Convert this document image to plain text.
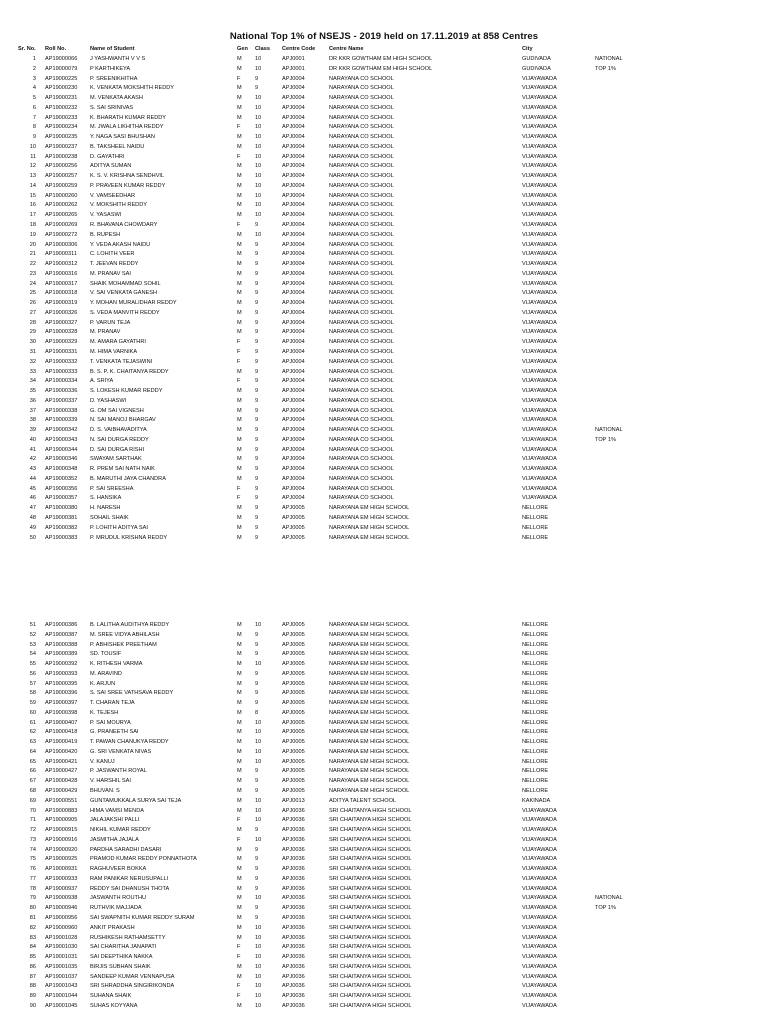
National Top 1% of NSEJS - 2019 held on 17.11.2019 at 858 Centres
Sr. No.	Roll No.	Name of Student	Gen Class Centre Code Centre Name	City
1 AP19000066 J YASHWANTH V V S	M 10	APJ0001	DR KKR GOWTHAM EM HIGH SCHOOL	GUDIVADA	NATIONAL
2 AP19000079 P KARTHIKEYA	M 10	APJ0001	DR KKR GOWTHAM EM HIGH SCHOOL	GUDIVADA	TOP 1%
3 AP19000225 P. SREENIKHITHA	F	9	APJ0004	NARAYANA CO SCHOOL	VIJAYAWADA
4 AP19000230 K. VENKATA MOKSHITH REDDY	M 9	APJ0004	NARAYANA CO SCHOOL	VIJAYAWADA
5 AP19000231 M. VENKATA AKASH	M 10	APJ0004	NARAYANA CO SCHOOL	VIJAYAWADA
6 AP19000232 S. SAI SRINIVAS	M 10	APJ0004	NARAYANA CO SCHOOL	VIJAYAWADA
7 AP19000233 K. BHARATH KUMAR REDDY	M 10	APJ0004	NARAYANA CO SCHOOL	VIJAYAWADA
8 AP19000234 M. JWALA LIKHITHA REDDY	F	10	APJ0004	NARAYANA CO SCHOOL	VIJAYAWADA
9 AP19000235 Y. NAGA SASI BHUSHAN	M 10	APJ0004	NARAYANA CO SCHOOL	VIJAYAWADA
10 AP19000237 B. TAKSHEEL NAIDU	M 10	APJ0004	NARAYANA CO SCHOOL	VIJAYAWADA
11 AP19000238 D. GAYATHRI	F	10	APJ0004	NARAYANA CO SCHOOL	VIJAYAWADA
12 AP19000256 ADITYA SUMAN	M 10	APJ0004	NARAYANA CO SCHOOL	VIJAYAWADA
13 AP19000257 K. S. V. KRISHNA SENDHVIL	M 10	APJ0004	NARAYANA CO SCHOOL	VIJAYAWADA
14 AP19000259 P. PRAVEEN KUMAR REDDY	M 10	APJ0004	NARAYANA CO SCHOOL	VIJAYAWADA
15 AP19000260 V. VAMSEEDHAR	M 10	APJ0004	NARAYANA CO SCHOOL	VIJAYAWADA
16 AP19000262 V. MOKSHITH REDDY	M 10	APJ0004	NARAYANA CO SCHOOL	VIJAYAWADA
17 AP19000265 V. YASASWI	M 10	APJ0004	NARAYANA CO SCHOOL	VIJAYAWADA
18 AP19000269 R. BHAVANA CHOWDARY	F	9	APJ0004	NARAYANA CO SCHOOL	VIJAYAWADA
19 AP19000272 B. RUPESH	M 10	APJ0004	NARAYANA CO SCHOOL	VIJAYAWADA
20 AP19000306 Y. VEDA AKASH NAIDU	M 9	APJ0004	NARAYANA CO SCHOOL	VIJAYAWADA
21 AP19000311 C. LOHITH VEER	M 9	APJ0004	NARAYANA CO SCHOOL	VIJAYAWADA
22 AP19000312 T. JEEVAN REDDY	M 9	APJ0004	NARAYANA CO SCHOOL	VIJAYAWADA
23 AP19000316 M. PRANAV SAI	M 9	APJ0004	NARAYANA CO SCHOOL	VIJAYAWADA
24 AP19000317 SHAIK MOHAMMAD SOHIL	M 9	APJ0004	NARAYANA CO SCHOOL	VIJAYAWADA
25 AP19000318 V. SAI VENKATA GANESH	M 9	APJ0004	NARAYANA CO SCHOOL	VIJAYAWADA
26 AP19000319 Y. MOHAN MURALIDHAR REDDY	M 9	APJ0004	NARAYANA CO SCHOOL	VIJAYAWADA
27 AP19000326 S. VEDA MANVITH REDDY	M 9	APJ0004	NARAYANA CO SCHOOL	VIJAYAWADA
28 AP19000327 P. VARUN TEJA	M 9	APJ0004	NARAYANA CO SCHOOL	VIJAYAWADA
29 AP19000328 M. PRANAV	M 9	APJ0004	NARAYANA CO SCHOOL	VIJAYAWADA
30 AP19000329 M. AMARA GAYATHRI	F	9	APJ0004	NARAYANA CO SCHOOL	VIJAYAWADA
31 AP19000331 M. HIMA VARNIKA	F	9	APJ0004	NARAYANA CO SCHOOL	VIJAYAWADA
32 AP19000332 T. VENKATA TEJASWINI	F	9	APJ0004	NARAYANA CO SCHOOL	VIJAYAWADA
33 AP19000333 B. S. P. K. CHAITANYA REDDY	M 9	APJ0004	NARAYANA CO SCHOOL	VIJAYAWADA
34 AP19000334 A. SRIYA	F	9	APJ0004	NARAYANA CO SCHOOL	VIJAYAWADA
35 AP19000336 S. LOKESH KUMAR REDDY	M 9	APJ0004	NARAYANA CO SCHOOL	VIJAYAWADA
36 AP19000337 D. YASHASWI	M 9	APJ0004	NARAYANA CO SCHOOL	VIJAYAWADA
37 AP19000338 G. OM SAI VIGNESH	M 9	APJ0004	NARAYANA CO SCHOOL	VIJAYAWADA
38 AP19000339 N. SAI MANOJ BHARGAV	M 9	APJ0004	NARAYANA CO SCHOOL	VIJAYAWADA
39 AP19000342 D. S. VAIBHAVADITYA	M 9	APJ0004	NARAYANA CO SCHOOL	VIJAYAWADA	NATIONAL
40 AP19000343 N. SAI DURGA REDDY	M 9	APJ0004	NARAYANA CO SCHOOL	VIJAYAWADA	TOP 1%
41 AP19000344 D. SAI DURGA RISHI	M 9	APJ0004	NARAYANA CO SCHOOL	VIJAYAWADA
42 AP19000346 SWAYAM SARTHAK	M 9	APJ0004	NARAYANA CO SCHOOL	VIJAYAWADA
43 AP19000348 R. PREM SAI NATH NAIK	M 9	APJ0004	NARAYANA CO SCHOOL	VIJAYAWADA
44 AP19000352 B. MARUTHI JAYA CHANDRA	M 9	APJ0004	NARAYANA CO SCHOOL	VIJAYAWADA
45 AP19000356 P. SAI SREESHA	F	9	APJ0004	NARAYANA CO SCHOOL	VIJAYAWADA
46 AP19000357 S. HANSIKA	F	9	APJ0004	NARAYANA CO SCHOOL	VIJAYAWADA
47 AP19000380 H. NARESH	M 9	APJ0005	NARAYANA EM HIGH SCHOOL	NELLORE
48 AP19000381 SOHAIL SHAIK	M 9	APJ0005	NARAYANA EM HIGH SCHOOL	NELLORE
49 AP19000382 P. LOHITH ADITYA SAI	M 9	APJ0005	NARAYANA EM HIGH SCHOOL	NELLORE
50 AP19000383 P. MRUDUL KRISHNA REDDY	M 9	APJ0005	NARAYANA EM HIGH SCHOOL	NELLORE
51 AP19000386 B. LALITHA AUDITHYA REDDY	M 10	APJ0005	NARAYANA EM HIGH SCHOOL	NELLORE
52 AP19000387 M. SREE VIDYA ABHILASH	M 9	APJ0005	NARAYANA EM HIGH SCHOOL	NELLORE
53 AP19000388 P. ABHISHEK PREETHAM	M 9	APJ0005	NARAYANA EM HIGH SCHOOL	NELLORE
54 AP19000389 SD. TOUSIF	M 9	APJ0005	NARAYANA EM HIGH SCHOOL	NELLORE
55 AP19000392 K. RITHESH VARMA	M 10	APJ0005	NARAYANA EM HIGH SCHOOL	NELLORE
56 AP19000393 M. ARAVIND	M 9	APJ0005	NARAYANA EM HIGH SCHOOL	NELLORE
57 AP19000395 K. ARJUN	M 9	APJ0005	NARAYANA EM HIGH SCHOOL	NELLORE
58 AP19000396 S. SAI SREE VATHSAVA REDDY	M 9	APJ0005	NARAYANA EM HIGH SCHOOL	NELLORE
59 AP19000397 T. CHARAN TEJA	M 9	APJ0005	NARAYANA EM HIGH SCHOOL	NELLORE
60 AP19000398 K. TEJESH	M 8	APJ0005	NARAYANA EM HIGH SCHOOL	NELLORE
61 AP19000407 P. SAI MOURYA	M 10	APJ0005	NARAYANA EM HIGH SCHOOL	NELLORE
62 AP19000418 G. PRANEETH SAI	M 10	APJ0005	NARAYANA EM HIGH SCHOOL	NELLORE
63 AP19000419 T. PAWAN CHANUKYA REDDY	M 10	APJ0005	NARAYANA EM HIGH SCHOOL	NELLORE
64 AP19000420 G. SRI VENKATA NIVAS	M 10	APJ0005	NARAYANA EM HIGH SCHOOL	NELLORE
65 AP19000421 V. KANUJ	M 10	APJ0005	NARAYANA EM HIGH SCHOOL	NELLORE
66 AP19000427 P. JASWANTH ROYAL	M 9	APJ0005	NARAYANA EM HIGH SCHOOL	NELLORE
67 AP19000428 V. HARSHIL SAI	M 9	APJ0005	NARAYANA EM HIGH SCHOOL	NELLORE
68 AP19000429 BHUVAN. S	M 9	APJ0005	NARAYANA EM HIGH SCHOOL	NELLORE
69 AP19000551 GUNTAMUKKALA SURYA SAI TEJA	M 10	APJ0013	ADITYA TALENT SCHOOL	KAKINADA
70 AP19000883 HIMA VAMSI MENDA	M 10	APJ0036	SRI CHAITANYA HIGH SCHOOL	VIJAYAWADA
71 AP19000905 JALAJAKSHI PALLI	F	10	APJ0036	SRI CHAITANYA HIGH SCHOOL	VIJAYAWADA
72 AP19000915 NIKHIL KUMAR REDDY	M 9	APJ0036	SRI CHAITANYA HIGH SCHOOL	VIJAYAWADA
73 AP19000916 JASMITHA JAJALA	F	10	APJ0036	SRI CHAITANYA HIGH SCHOOL	VIJAYAWADA
74 AP19000920 PARDHA SARADHI DASARI	M 9	APJ0036	SRI CHAITANYA HIGH SCHOOL	VIJAYAWADA
75 AP19000925 PRAMOD KUMAR REDDY PONNATHOTA	M 9	APJ0036	SRI CHAITANYA HIGH SCHOOL	VIJAYAWADA
76 AP19000931 RAGHUVEER BOKKA	M 9	APJ0036	SRI CHAITANYA HIGH SCHOOL	VIJAYAWADA
77 AP19000933 RAM PANIKAR NERUSUPALLI	M 9	APJ0036	SRI CHAITANYA HIGH SCHOOL	VIJAYAWADA
78 AP19000937 REDDY SAI DHANUSH THOTA	M 9	APJ0036	SRI CHAITANYA HIGH SCHOOL	VIJAYAWADA
79 AP19000938 JASWANTH ROUTHU	M 10	APJ0036	SRI CHAITANYA HIGH SCHOOL	VIJAYAWADA	NATIONAL
80 AP19000946 RUTHVIK MAJJADA	M 9	APJ0036	SRI CHAITANYA HIGH SCHOOL	VIJAYAWADA	TOP 1%
81 AP19000956 SAI SWAPNITH KUMAR REDDY SURAM	M 9	APJ0036	SRI CHAITANYA HIGH SCHOOL	VIJAYAWADA
82 AP19000960 ANKIT PRAKASH	M 10	APJ0036	SRI CHAITANYA HIGH SCHOOL	VIJAYAWADA
83 AP19001028 RUSHIKESH RATHAMSETTY	M 10	APJ0036	SRI CHAITANYA HIGH SCHOOL	VIJAYAWADA
84 AP19001030 SAI CHARITHA JANAPATI	F	10	APJ0036	SRI CHAITANYA HIGH SCHOOL	VIJAYAWADA
85 AP19001031 SAI DEEPTHIKA NAKKA	F	10	APJ0036	SRI CHAITANYA HIGH SCHOOL	VIJAYAWADA
86 AP19001035 BIRJIS SUBHAN SHAIK	M 10	APJ0036	SRI CHAITANYA HIGH SCHOOL	VIJAYAWADA
87 AP19001037 SANDEEP KUMAR VENNAPUSA	M 10	APJ0036	SRI CHAITANYA HIGH SCHOOL	VIJAYAWADA
88 AP19001043 SRI SHRADDHA SINGIRIKONDA	F	10	APJ0036	SRI CHAITANYA HIGH SCHOOL	VIJAYAWADA
89 AP19001044 SUHANA SHAIK	F	10	APJ0036	SRI CHAITANYA HIGH SCHOOL	VIJAYAWADA
90 AP19001045 SUHAS KOYYANA	M 10	APJ0036	SRI CHAITANYA HIGH SCHOOL	VIJAYAWADA
